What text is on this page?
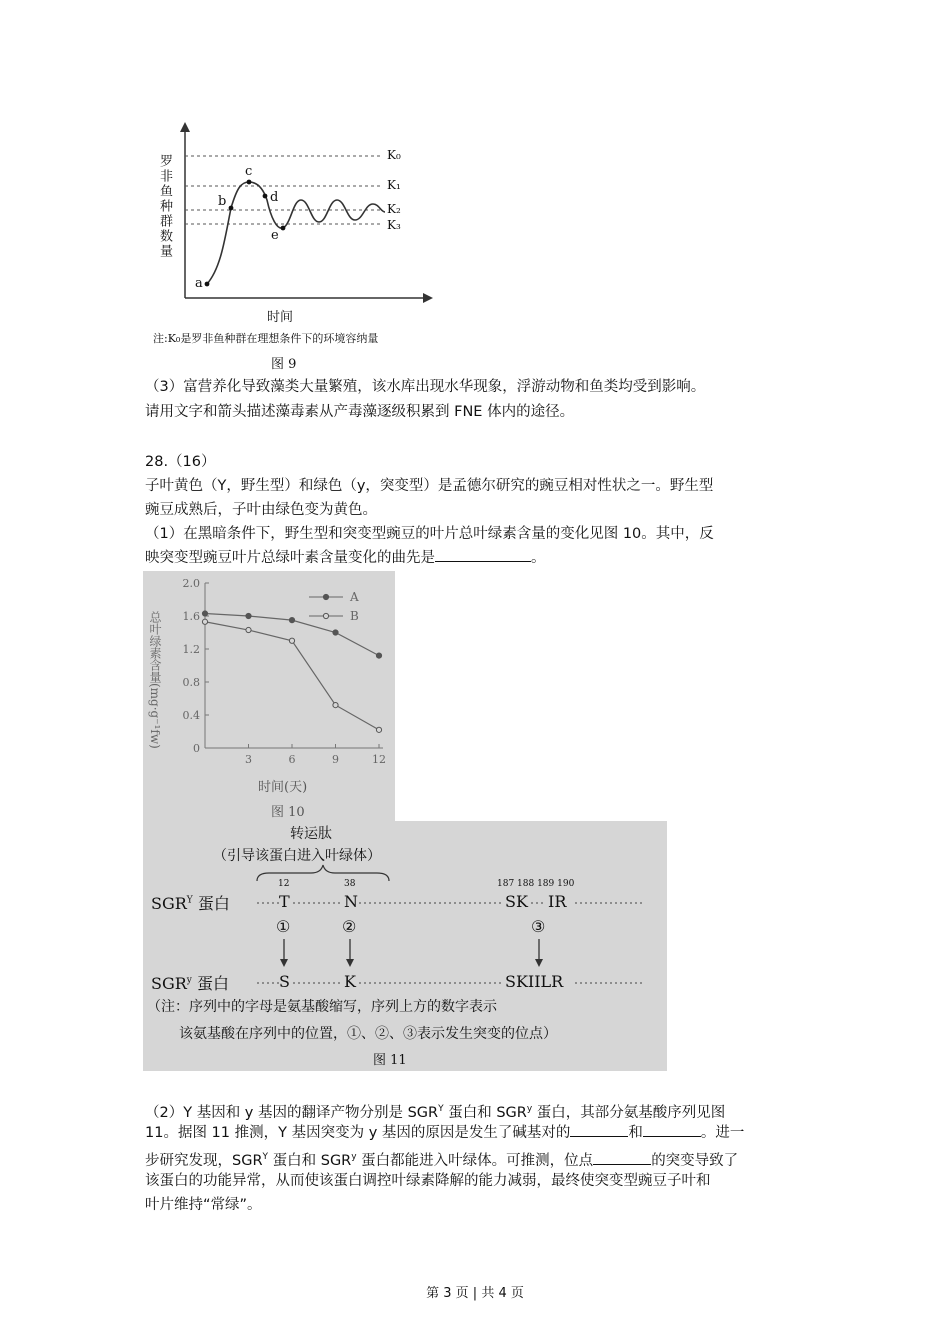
罗非鱼种群数量
a
b
c
d
e
K₀
K₁
K₂
K₃
时间
注:K₀是罗非鱼种群在理想条件下的环境容纳量
图 9
（3）富营养化导致藻类大量繁殖，该水库出现水华现象，浮游动物和鱼类均受到影响。
请用文字和箭头描述藻毒素从产毒藻逐级积累到 FNE 体内的途径。
28.（16）
子叶黄色（Y，野生型）和绿色（y，突变型）是孟德尔研究的豌豆相对性状之一。野生型
豌豆成熟后，子叶由绿色变为黄色。
（1）在黑暗条件下，野生型和突变型豌豆的叶片总叶绿素含量的变化见图 10。其中，反
映突变型豌豆叶片总绿叶素含量变化的曲先是	。
0
0.4
0.8
1.2
1.6
2.0
3	6	9	12
A
B
总叶绿素含量(mg·g⁻¹fw)
时间(天)
图 10
转运肽
（引导该蛋白进入叶绿体）
$SGR^Y$ 蛋白
SGR$^y$ 蛋白
12	38	187 188 189 190
T	N	SK IR
①	②	③
S	K	SKIILR
（注：序列中的字母是氨基酸缩写，序列上方的数字表示
该氨基酸在序列中的位置，①、②、③表示发生突变的位点）
图 11
（2）Y 基因和 y 基因的翻译产物分别是 $SGR^Y$ 蛋白和 SGR$^y$ 蛋白，其部分氨基酸序列见图
11。据图 11 推测，Y 基因突变为 y 基因的原因是发生了碱基对的	和	。进一
步研究发现，$SGR^Y$ 蛋白和 SGR$^y$ 蛋白都能进入叶绿体。可推测，位点	的突变导致了
该蛋白的功能异常，从而使该蛋白调控叶绿素降解的能力减弱，最终使突变型豌豆子叶和
叶片维持“常绿”。
第 3 页 | 共 4 页
